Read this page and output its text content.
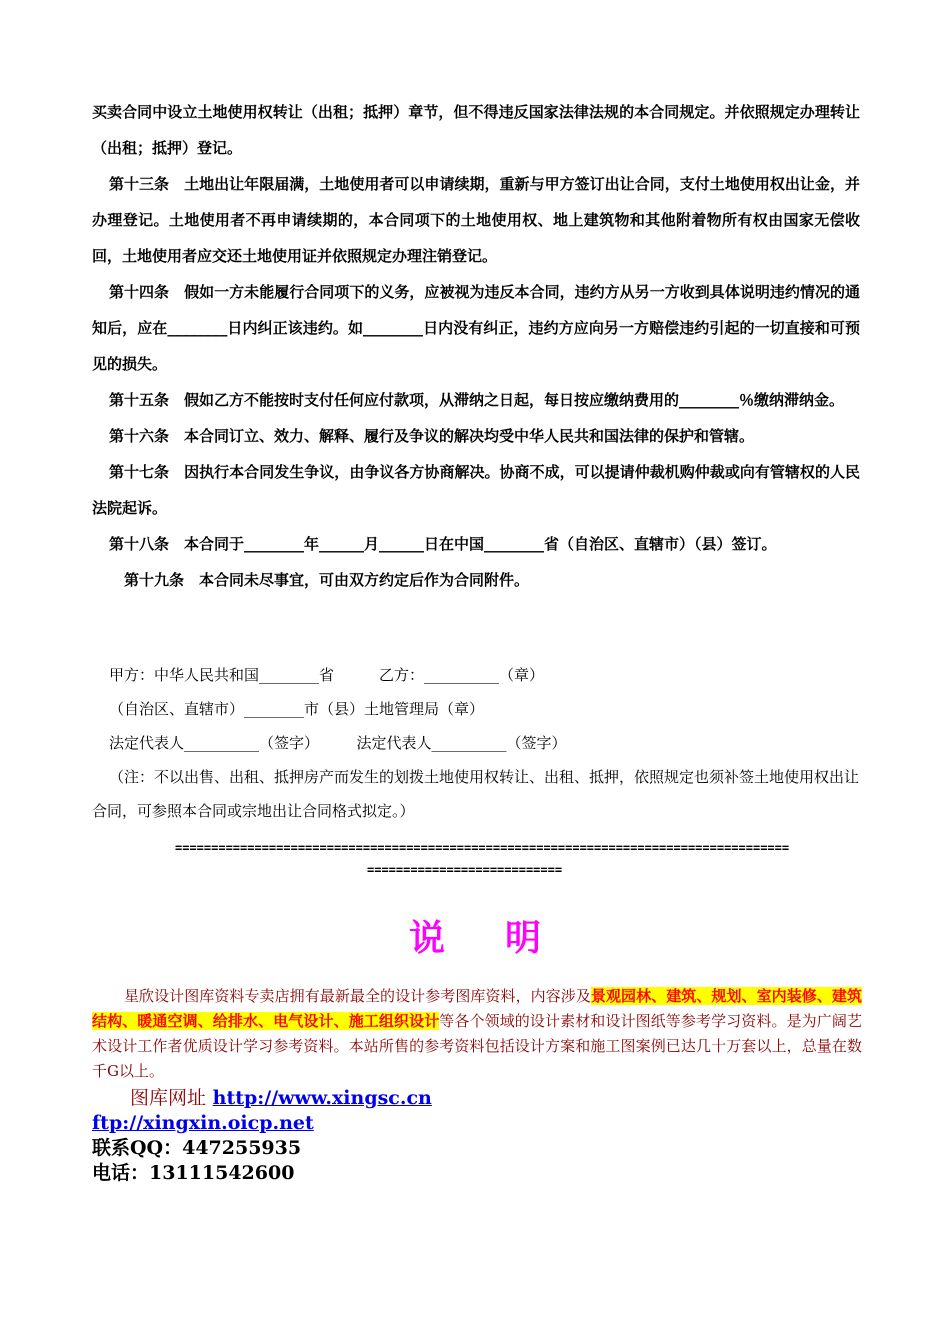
买卖合同中设立土地使用权转让（出租；抵押）章节，但不得违反国家法律法规的本合同规定。并依照规定办理转让（出租；抵押）登记。

第十三条　土地出让年限届满，土地使用者可以申请续期，重新与甲方签订出让合同，支付土地使用权出让金，并办理登记。土地使用者不再申请续期的，本合同项下的土地使用权、地上建筑物和其他附着物所有权由国家无偿收回，土地使用者应交还土地使用证并依照规定办理注销登记。

第十四条　假如一方未能履行合同项下的义务，应被视为违反本合同，违约方从另一方收到具体说明违约情况的通知后，应在________日内纠正该违约。如________日内没有纠正，违约方应向另一方赔偿违约引起的一切直接和可预见的损失。

第十五条　假如乙方不能按时支付任何应付款项，从滞纳之日起，每日按应缴纳费用的________％缴纳滞纳金。

第十六条　本合同订立、效力、解释、履行及争议的解决均受中华人民共和国法律的保护和管辖。

第十七条　因执行本合同发生争议，由争议各方协商解决。协商不成，可以提请仲裁机购仲裁或向有管辖权的人民法院起诉。

第十八条　本合同于________年______月______日在中国________省（自治区、直辖市）（县）签订。

第十九条　本合同未尽事宜，可由双方约定后作为合同附件。

甲方：中华人民共和国________省　　　乙方：__________（章）

（自治区、直辖市）________市（县）土地管理局（章）

法定代表人__________（签字）　　　法定代表人__________（签字）

（注：不以出售、出租、抵押房产而发生的划拨土地使用权转让、出租、抵押，依照规定也须补签土地使用权出让合同，可参照本合同或宗地出让合同格式拟定。）

=====================================================================================
===========================
说 明

星欣设计图库资料专卖店拥有最新最全的设计参考图库资料，内容涉及景观园林、建筑、规划、室内装修、建筑结构、暖通空调、给排水、电气设计、施工组织设计等各个领域的设计素材和设计图纸等参考学习资料。是为广阔艺术设计工作者优质设计学习参考资料。本站所售的参考资料包括设计方案和施工图案例已达几十万套以上，总量在数千G以上。

图库网址 http://www.xingsc.cn
ftp://xingxin.oicp.net
联系QQ：447255935
电话：13111542600
